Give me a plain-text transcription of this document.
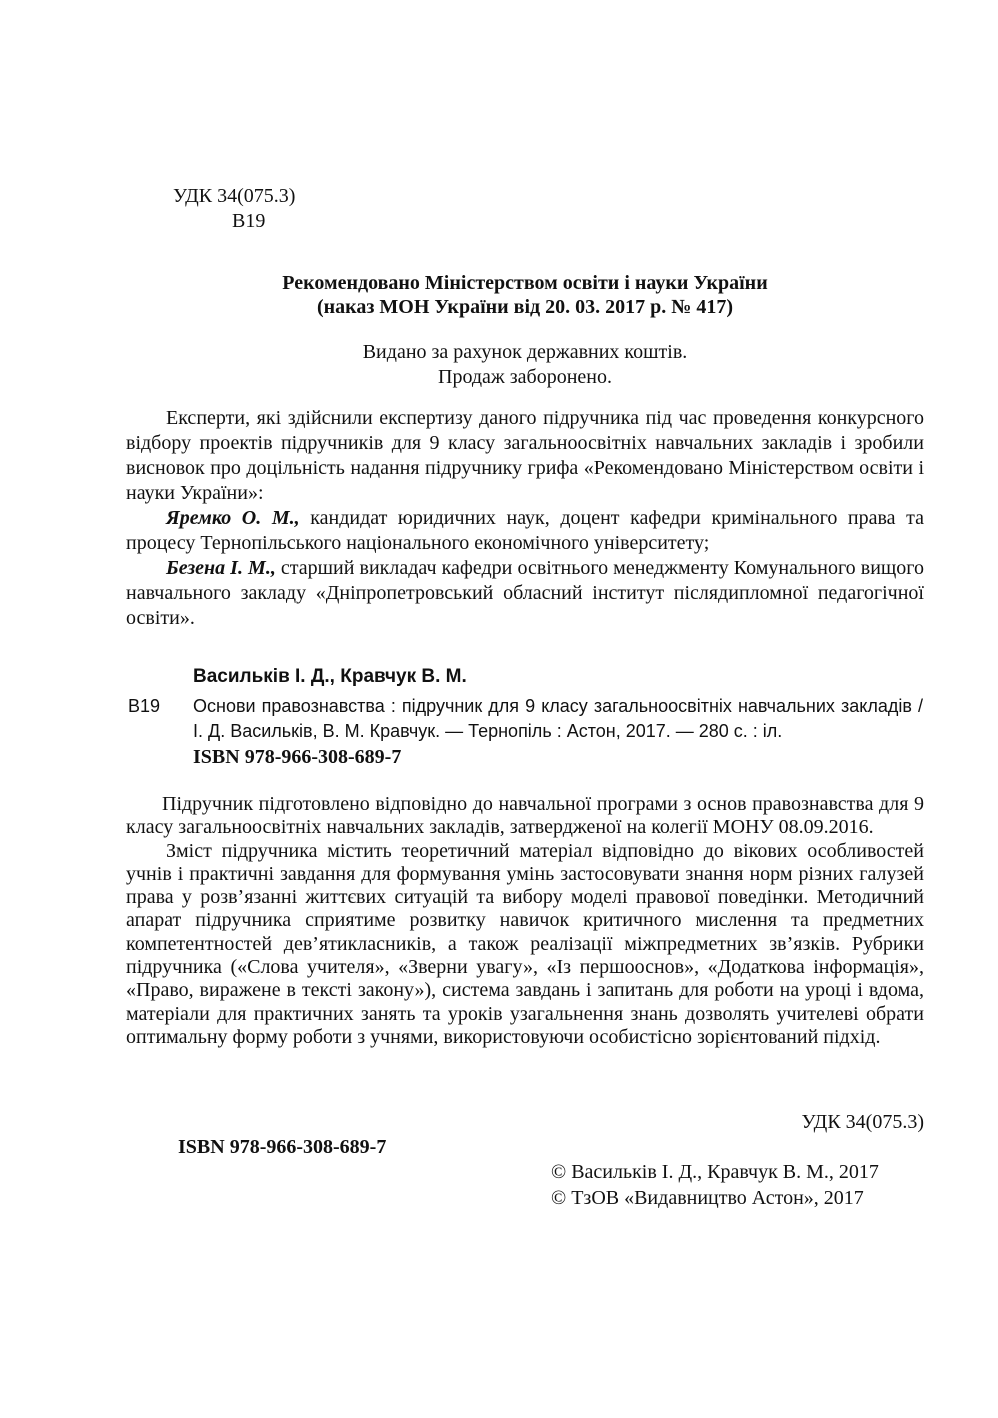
УДК 34(075.3)
В19
Рекомендовано Міністерством освіти і науки України
(наказ МОН України від 20. 03. 2017 р. № 417)
Видано за рахунок державних коштів.
Продаж заборонено.

Експерти, які здійснили експертизу даного підручника під час проведення конкурсного відбору проектів підручників для 9 класу загальноосвітніх навчальних закладів і зробили висновок про доцільність надання підручнику грифа «Рекомендовано Міністерством освіти і науки України»:

Яремко О. М., кандидат юридичних наук, доцент кафедри кримінального права та процесу Тернопільського національного економічного університету;

Безена І. М., старший викладач кафедри освітнього менеджменту Комунального вищого навчального закладу «Дніпропетровський обласний інститут післядипломної педагогічної освіти».

Васильків І. Д., Кравчук В. М.
В19 Основи правознавства : підручник для 9 класу загальноосвітніх навчальних закладів / І. Д. Васильків, В. М. Кравчук. — Тернопіль : Астон, 2017. — 280 с. : іл.
ISBN 978-966-308-689-7

Підручник підготовлено відповідно до навчальної програми з основ правознавства для 9 класу загальноосвітніх навчальних закладів, затвердженої на колегії МОНУ 08.09.2016.

Зміст підручника містить теоретичний матеріал відповідно до вікових особливостей учнів і практичні завдання для формування умінь застосовувати знання норм різних галузей права у розв’язанні життєвих ситуацій та вибору моделі правової поведінки. Методичний апарат підручника сприятиме розвитку навичок критичного мислення та предметних компетентностей дев’ятикласників, а також реалізації міжпредметних зв’язків. Рубрики підручника («Слова учителя», «Зверни увагу», «Із першооснов», «Додаткова інформація», «Право, виражене в тексті закону»), система завдань і запитань для роботи на уроці і вдома, матеріали для практичних занять та уроків узагальнення знань дозволять учителеві обрати оптимальну форму роботи з учнями, використовуючи особистісно зорієнтований підхід.

УДК 34(075.3)
ISBN 978-966-308-689-7
© Васильків І. Д., Кравчук В. М., 2017
© ТзОВ «Видавництво Астон», 2017
